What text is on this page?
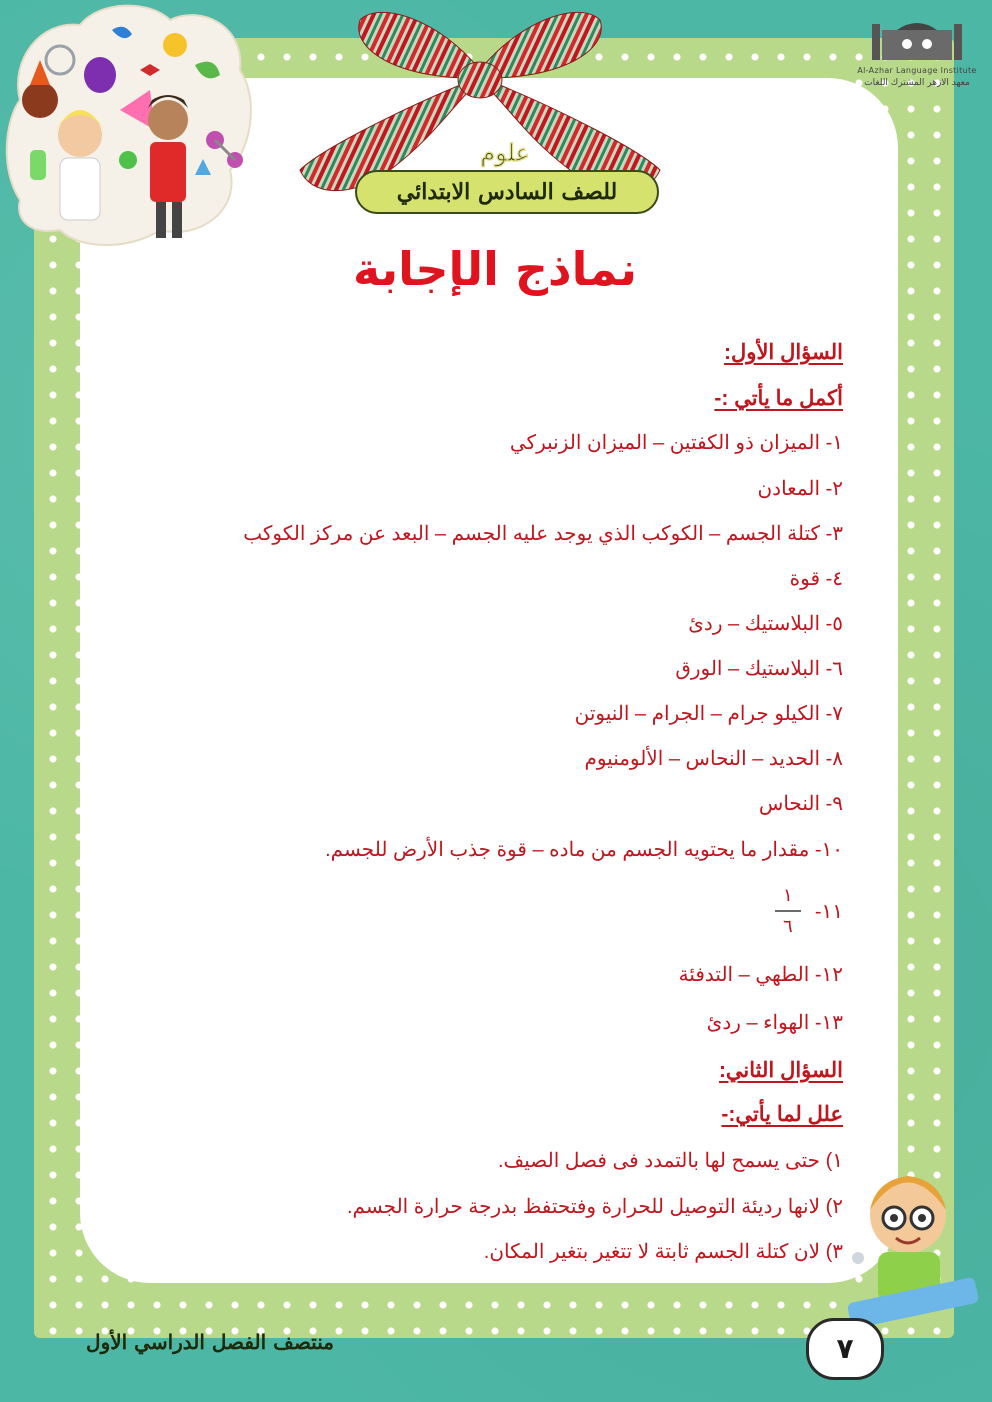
Al-Azhar Language Institute
معهد الازهر المشترك اللغات
علوم
للصف السادس الابتدائي
نماذج الإجابة
السؤال الأول:
أكمل ما يأتي :-
١- الميزان ذو الكفتين – الميزان الزنبركي
٢- المعادن
٣- كتلة الجسم – الكوكب الذي يوجد عليه الجسم – البعد عن مركز الكوكب
٤- قوة
٥- البلاستيك – ردئ
٦- البلاستيك – الورق
٧- الكيلو جرام – الجرام – النيوتن
٨- الحديد – النحاس – الألومنيوم
٩- النحاس
١٠- مقدار ما يحتويه الجسم من ماده – قوة جذب الأرض للجسم.
١١-
$\frac{١}{٦}$
١٢- الطهي – التدفئة
١٣- الهواء – ردئ
السؤال الثاني:
علل لما يأتي:-
١) حتى يسمح لها بالتمدد فى فصل الصيف.
٢) لانها رديئة التوصيل للحرارة وفتحتفظ بدرجة حرارة الجسم.
٣) لان كتلة الجسم ثابتة لا تتغير بتغير المكان.
منتصف الفصل الدراسي الأول	٧
